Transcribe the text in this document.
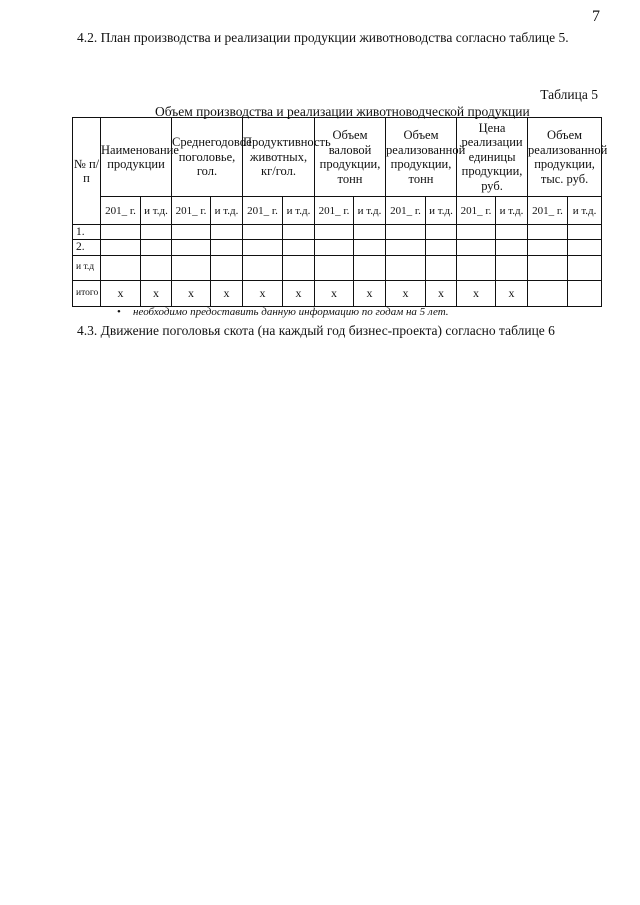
7
4.2. План производства и реализации продукции животноводства согласно таблице 5.
Таблица 5
Объем производства и реализации животноводческой продукции
№ п/п	Наименование продукции		Среднегодовое поголовье, гол.		Продуктивность животных, кг/гол.		Объем валовой продукции, тонн		Объем реализованной продукции, тонн		Цена реализации единицы продукции, руб.		Объем реализованной продукции, тыс. руб.	
	201_ г.	и т.д.	201_ г.	и т.д.	201_ г.	и т.д.	201_ г.	и т.д.	201_ г.	и т.д.	201_ г.	и т.д.	201_ г.	и т.д.
1.														
2.														
и т.д														
итого	x	x	x	x	x	x	x	x	x	x	x	x		
• необходимо предоставить данную информацию по годам на 5 лет.
4.3. Движение поголовья скота (на каждый год бизнес-проекта) согласно таблице 6
